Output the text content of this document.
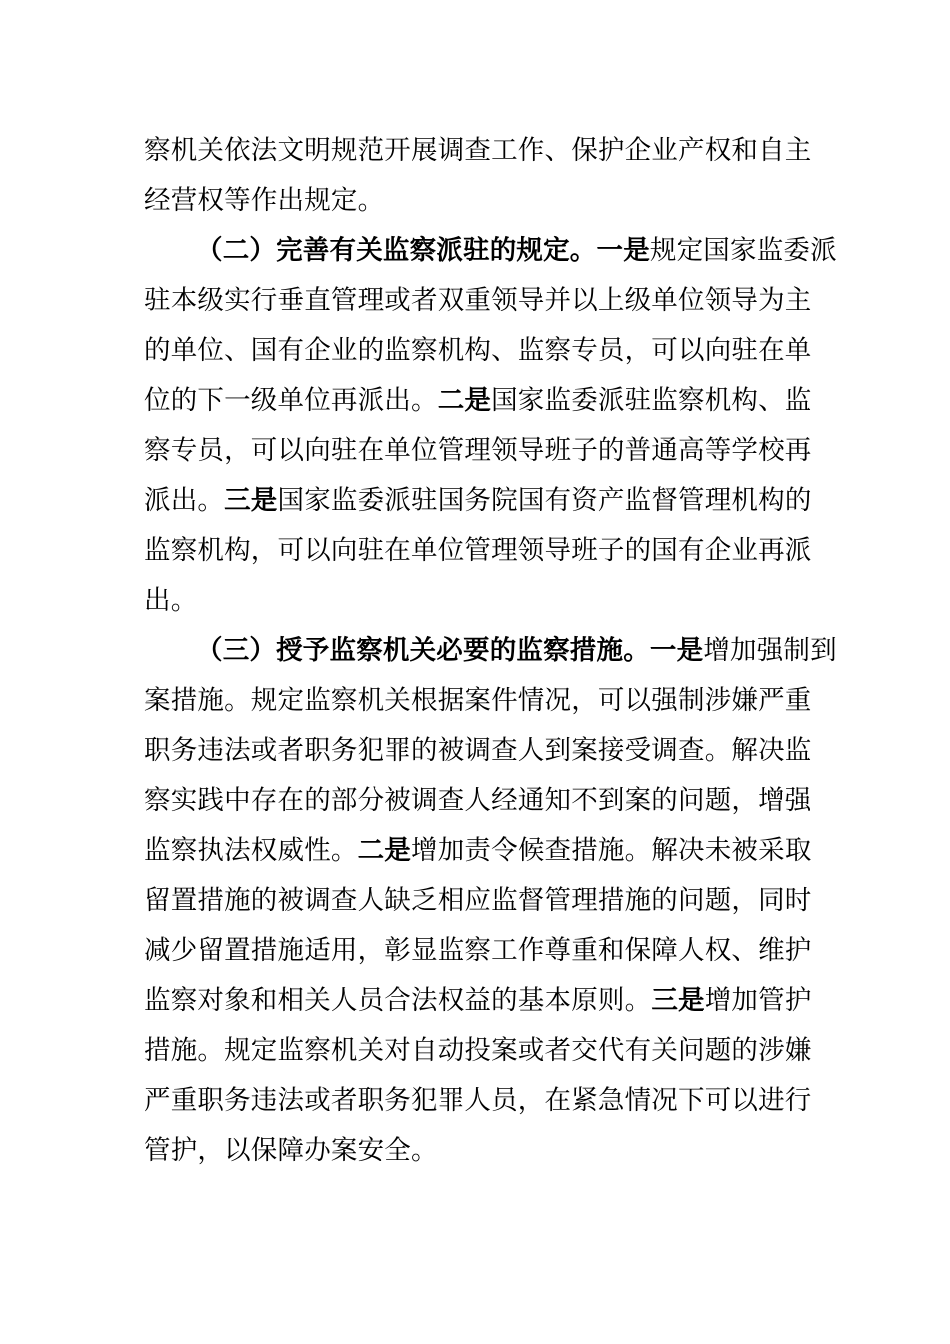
察机关依法文明规范开展调查工作、保护企业产权和自主
经营权等作出规定。
（二）完善有关监察派驻的规定。一是规定国家监委派
驻本级实行垂直管理或者双重领导并以上级单位领导为主
的单位、国有企业的监察机构、监察专员，可以向驻在单
位的下一级单位再派出。二是国家监委派驻监察机构、监
察专员，可以向驻在单位管理领导班子的普通高等学校再
派出。三是国家监委派驻国务院国有资产监督管理机构的
监察机构，可以向驻在单位管理领导班子的国有企业再派
出。
（三）授予监察机关必要的监察措施。一是增加强制到
案措施。规定监察机关根据案件情况，可以强制涉嫌严重
职务违法或者职务犯罪的被调查人到案接受调查。解决监
察实践中存在的部分被调查人经通知不到案的问题，增强
监察执法权威性。二是增加责令候查措施。解决未被采取
留置措施的被调查人缺乏相应监督管理措施的问题，同时
减少留置措施适用，彰显监察工作尊重和保障人权、维护
监察对象和相关人员合法权益的基本原则。三是增加管护
措施。规定监察机关对自动投案或者交代有关问题的涉嫌
严重职务违法或者职务犯罪人员，在紧急情况下可以进行
管护，以保障办案安全。
